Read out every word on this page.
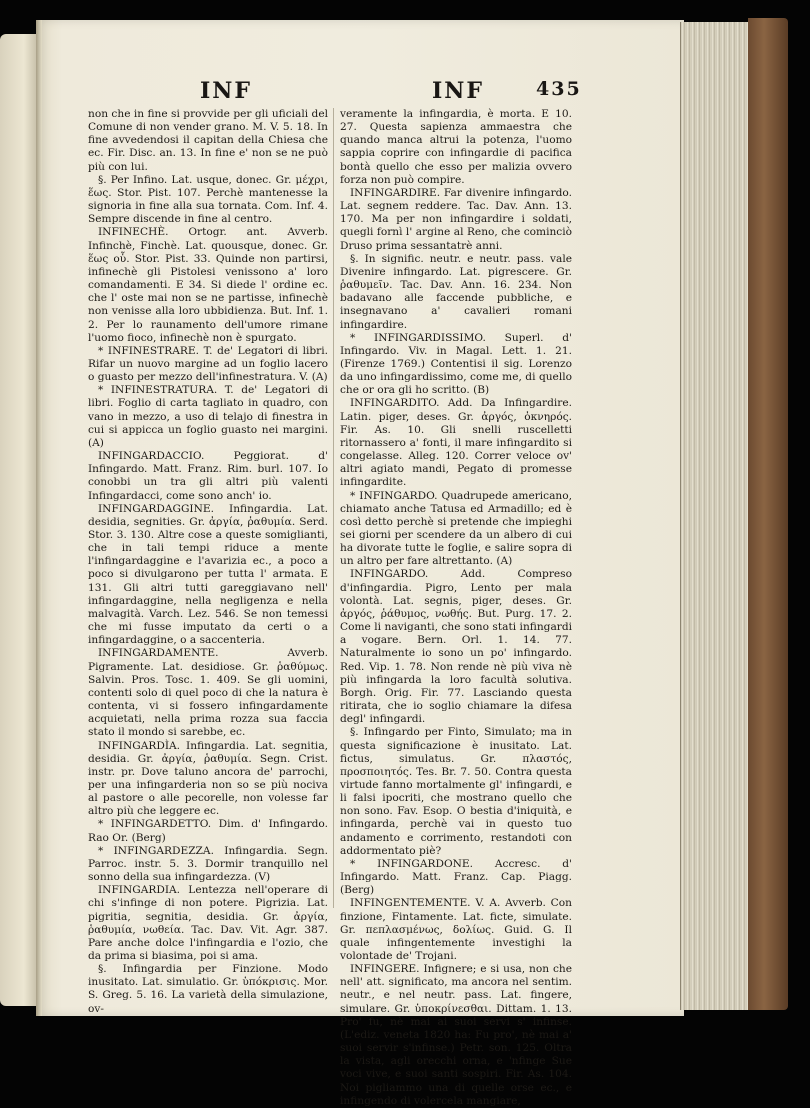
INF	INF	435

non che in fine si provvide per gli uficiali del Comune di non vender grano. M. V. 5. 18. In fine avvedendosi il capitan della Chiesa che ec. Fir. Disc. an. 13. In fine e' non se ne può più con lui.

§. Per Infino. Lat. usque, donec. Gr. μέχρι, ἕως. Stor. Pist. 107. Perchè mantenesse la signoria in fine alla sua tornata. Com. Inf. 4. Sempre discende in fine al centro.

INFINECHÈ. Ortogr. ant. Avverb. Infinchè, Finchè. Lat. quousque, donec. Gr. ἕως οὗ. Stor. Pist. 33. Quinde non partirsi, infinechè gli Pistolesi venissono a' loro comandamenti. E 34. Si diede l' ordine ec. che l' oste mai non se ne partisse, infinechè non venisse alla loro ubbidienza. But. Inf. 1. 2. Per lo raunamento dell'umore rimane l'uomo fioco, infinechè non è spurgato.

* INFINESTRARE. T. de' Legatori di libri. Rifar un nuovo margine ad un foglio lacero o guasto per mezzo dell'infinestratura. V. (A)

* INFINESTRATURA. T. de' Legatori di libri. Foglio di carta tagliato in quadro, con vano in mezzo, a uso di telajo di finestra in cui si appicca un foglio guasto nei margini. (A)

INFINGARDACCIO. Peggiorat. d' Infingardo. Matt. Franz. Rim. burl. 107. Io conobbi un tra gli altri più valenti Infingardacci, come sono anch' io.

INFINGARDAGGINE. Infingardia. Lat. desidia, segnities. Gr. ἀργία, ῥαθυμία. Serd. Stor. 3. 130. Altre cose a queste somiglianti, che in tali tempi riduce a mente l'infingardaggine e l'avarizia ec., a poco a poco si divulgarono per tutta l' armata. E 131. Gli altri tutti gareggiavano nell' infingardaggine, nella negligenza e nella malvagità. Varch. Lez. 546. Se non temessi che mi fusse imputato da certi o a infingardaggine, o a saccenteria.

INFINGARDAMENTE. Avverb. Pigramente. Lat. desidiose. Gr. ῥαθύμως. Salvin. Pros. Tosc. 1. 409. Se gli uomini, contenti solo di quel poco di che la natura è contenta, vi si fossero infingardamente acquietati, nella prima rozza sua faccia stato il mondo si sarebbe, ec.

INFINGARDÌA. Infingardia. Lat. segnitia, desidia. Gr. ἀργία, ῥαθυμία. Segn. Crist. instr. pr. Dove taluno ancora de' parrochi, per una infingarderia non so se più nociva al pastore o alle pecorelle, non volesse far altro più che leggere ec.

* INFINGARDETTO. Dim. d' Infingardo. Rao Or. (Berg)

* INFINGARDEZZA. Infingardia. Segn. Parroc. instr. 5. 3. Dormir tranquillo nel sonno della sua infingardezza. (V)

INFINGARDIA. Lentezza nell'operare di chi s'infinge di non potere. Pigrizia. Lat. pigritia, segnitia, desidia. Gr. ἀργία, ῥαθυμία, νωθεία. Tac. Dav. Vit. Agr. 387. Pare anche dolce l'infingardia e l'ozio, che da prima si biasima, poi si ama.

§. Infingardia per Finzione. Modo inusitato. Lat. simulatio. Gr. ὑπόκρισις. Mor. S. Greg. 5. 16. La varietà della simulazione, ov-

veramente la infingardia, è morta. E 10. 27. Questa sapienza ammaestra che quando manca altrui la potenza, l'uomo sappia coprire con infingardie di pacifica bontà quello che esso per malizia ovvero forza non può compire.

INFINGARDIRE. Far divenire infingardo. Lat. segnem reddere. Tac. Dav. Ann. 13. 170. Ma per non infingardire i soldati, quegli fornì l' argine al Reno, che cominciò Druso prima sessantatrè anni.

§. In signific. neutr. e neutr. pass. vale Divenire infingardo. Lat. pigrescere. Gr. ῥαθυμεῖν. Tac. Dav. Ann. 16. 234. Non badavano alle faccende pubbliche, e insegnavano a' cavalieri romani infingardire.

* INFINGARDISSIMO. Superl. d' Infingardo. Viv. in Magal. Lett. 1. 21. (Firenze 1769.) Contentisi il sig. Lorenzo da uno infingardissimo, come me, di quello che or ora gli ho scritto. (B)

INFINGARDITO. Add. Da Infingardire. Latin. piger, deses. Gr. ἀργός, ὀκνηρός. Fir. As. 10. Gli snelli ruscelletti ritornassero a' fonti, il mare infingardito si congelasse. Alleg. 120. Correr veloce ov' altri agiato mandi, Pegato di promesse infingardite.

* INFINGARDO. Quadrupede americano, chiamato anche Tatusa ed Armadillo; ed è così detto perchè si pretende che impieghi sei giorni per scendere da un albero di cui ha divorate tutte le foglie, e salire sopra di un altro per fare altrettanto. (A)

INFINGARDO. Add. Compreso d'infingardia. Pigro, Lento per mala volontà. Lat. segnis, piger, deses. Gr. ἀργός, ῥάθυμος, νωθής. But. Purg. 17. 2. Come li naviganti, che sono stati infingardi a vogare. Bern. Orl. 1. 14. 77. Naturalmente io sono un po' infingardo. Red. Vip. 1. 78. Non rende nè più viva nè più infingarda la loro facultà solutiva. Borgh. Orig. Fir. 77. Lasciando questa ritirata, che io soglio chiamare la difesa degl' infingardi.

§. Infingardo per Finto, Simulato; ma in questa significazione è inusitato. Lat. fictus, simulatus. Gr. πλαστός, προσποιητός. Tes. Br. 7. 50. Contra questa virtude fanno mortalmente gl' infingardi, e li falsi ipocriti, che mostrano quello che non sono. Fav. Esop. O bestia d'iniquità, e infingarda, perchè vai in questo tuo andamento e corrimento, restandoti con addormentato piè?

* INFINGARDONE. Accresc. d' Infingardo. Matt. Franz. Cap. Piagg. (Berg)

INFINGENTEMENTE. V. A. Avverb. Con finzione, Fintamente. Lat. ficte, simulate. Gr. πεπλασμένως, δολίως. Guid. G. Il quale infingentemente investighi la volontade de' Trojani.

INFINGERE. Infignere; e si usa, non che nell' att. significato, ma ancora nel sentim. neutr., e nel neutr. pass. Lat. fingere, simulare. Gr. ὑποκρίνεσθαι. Dittam. 1. 13. Pro' fu, nè mai ai suoi servi s' infinse. (L'ediz. veneta 1820 ha: Fu pro', nè mai a' suoi servir s'infinse.) Petr. son. 125. Oltra la vista, agli orecchi orna, e 'nfinge Sue voci vive, e suoi santi sospiri. Fir. As. 104. Noi pigliammo una di quelle orse ec., e infingendo di volercela mangiare,
